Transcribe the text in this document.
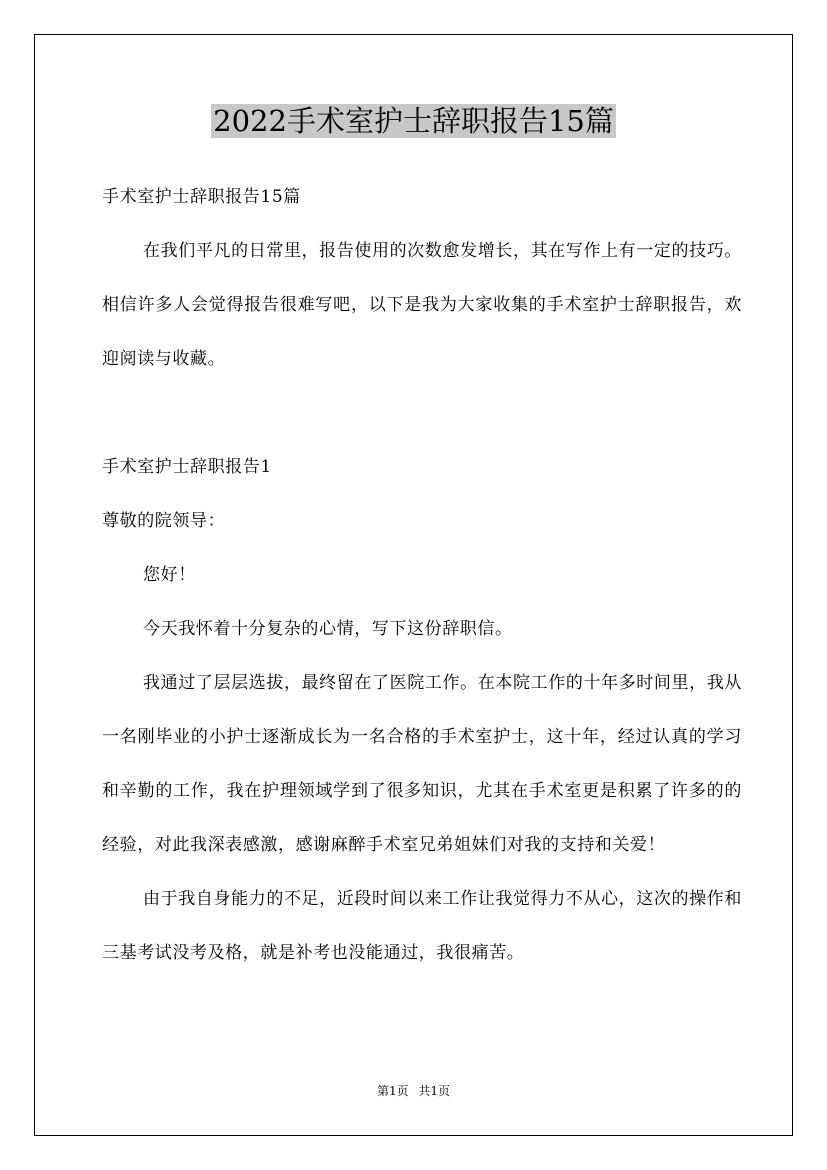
2022手术室护士辞职报告15篇

手术室护士辞职报告15篇

在我们平凡的日常里，报告使用的次数愈发增长，其在写作上有一定的技巧。相信许多人会觉得报告很难写吧，以下是我为大家收集的手术室护士辞职报告，欢迎阅读与收藏。

手术室护士辞职报告1

尊敬的院领导：

您好！

今天我怀着十分复杂的心情，写下这份辞职信。

我通过了层层选拔，最终留在了医院工作。在本院工作的十年多时间里，我从一名刚毕业的小护士逐渐成长为一名合格的手术室护士，这十年，经过认真的学习和辛勤的工作，我在护理领域学到了很多知识，尤其在手术室更是积累了许多的的经验，对此我深表感激，感谢麻醉手术室兄弟姐妹们对我的支持和关爱！

由于我自身能力的不足，近段时间以来工作让我觉得力不从心，这次的操作和三基考试没考及格，就是补考也没能通过，我很痛苦。

第1页 共1页
